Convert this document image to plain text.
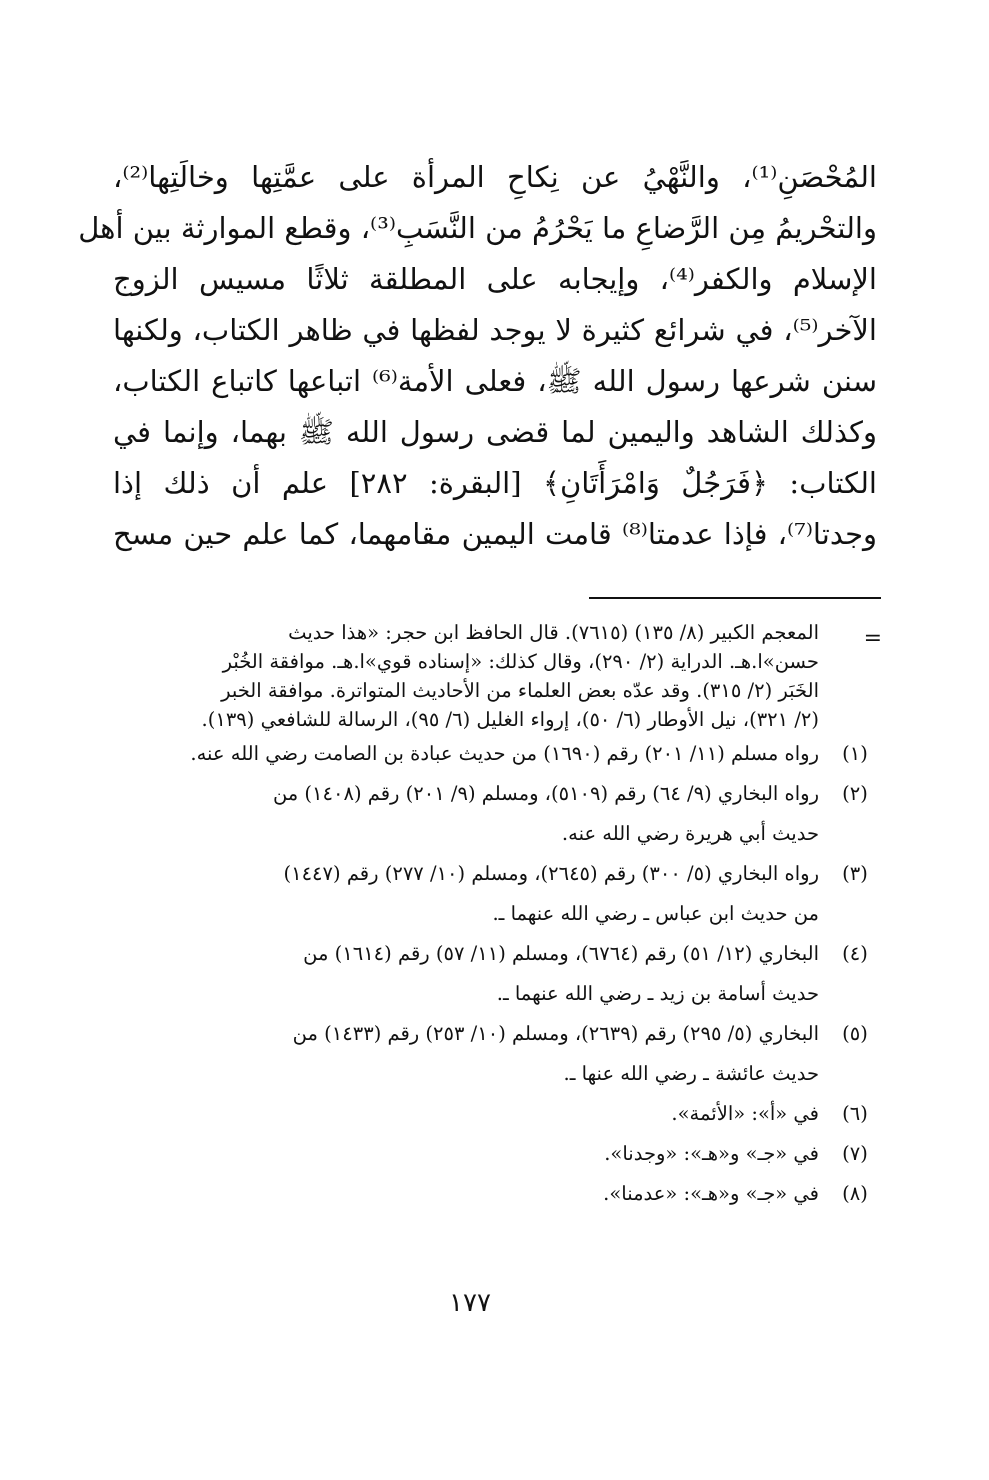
المُحْصَنِ⁽¹⁾، والنَّهْيُ عن نِكاحِ المرأة على عمَّتِها وخالَتِها⁽²⁾،
والتحْريمُ مِن الرَّضاعِ ما يَحْرُمُ من النَّسَبِ⁽³⁾، وقطع الموارثة بين أهل
الإسلام والكفر⁽⁴⁾، وإيجابه على المطلقة ثلاثًا مسيس الزوج
الآخر⁽⁵⁾، في شرائع كثيرة لا يوجد لفظها في ظاهر الكتاب، ولكنها
سنن شرعها رسول الله ﷺ، فعلى الأمة⁽⁶⁾ اتباعها كاتباع الكتاب،
وكذلك الشاهد واليمين لما قضى رسول الله ﷺ بهما، وإنما في
الكتاب: ﴿فَرَجُلٌ وَامْرَأَتَانِ﴾ [البقرة: ٢٨٢] علم أن ذلك إذا
وجدتا⁽⁷⁾، فإذا عدمتا⁽⁸⁾ قامت اليمين مقامهما، كما علم حين مسح
=
المعجم الكبير (٨/ ١٣٥) (٧٦١٥). قال الحافظ ابن حجر: «هذا حديث
حسن»ا.هـ. الدراية (٢/ ٢٩٠)، وقال كذلك: «إسناده قوي»ا.هـ. موافقة الخُبْر
الخَبَر (٢/ ٣١٥). وقد عدّه بعض العلماء من الأحاديث المتواترة. موافقة الخبر
(٢/ ٣٢١)، نيل الأوطار (٦/ ٥٠)، إرواء الغليل (٦/ ٩٥)، الرسالة للشافعي (١٣٩).
(١)
رواه مسلم (١١/ ٢٠١) رقم (١٦٩٠) من حديث عبادة بن الصامت رضي الله عنه.
(٢)
رواه البخاري (٩/ ٦٤) رقم (٥١٠٩)، ومسلم (٩/ ٢٠١) رقم (١٤٠٨) من
حديث أبي هريرة رضي الله عنه.
(٣)
رواه البخاري (٥/ ٣٠٠) رقم (٢٦٤٥)، ومسلم (١٠/ ٢٧٧) رقم (١٤٤٧)
من حديث ابن عباس ـ رضي الله عنهما ـ.
(٤)
البخاري (١٢/ ٥١) رقم (٦٧٦٤)، ومسلم (١١/ ٥٧) رقم (١٦١٤) من
حديث أسامة بن زيد ـ رضي الله عنهما ـ.
(٥)
البخاري (٥/ ٢٩٥) رقم (٢٦٣٩)، ومسلم (١٠/ ٢٥٣) رقم (١٤٣٣) من
حديث عائشة ـ رضي الله عنها ـ.
(٦)
في «أ»: «الأئمة».
(٧)
في «جـ» و«هـ»: «وجدنا».
(٨)
في «جـ» و«هـ»: «عدمنا».
١٧٧
